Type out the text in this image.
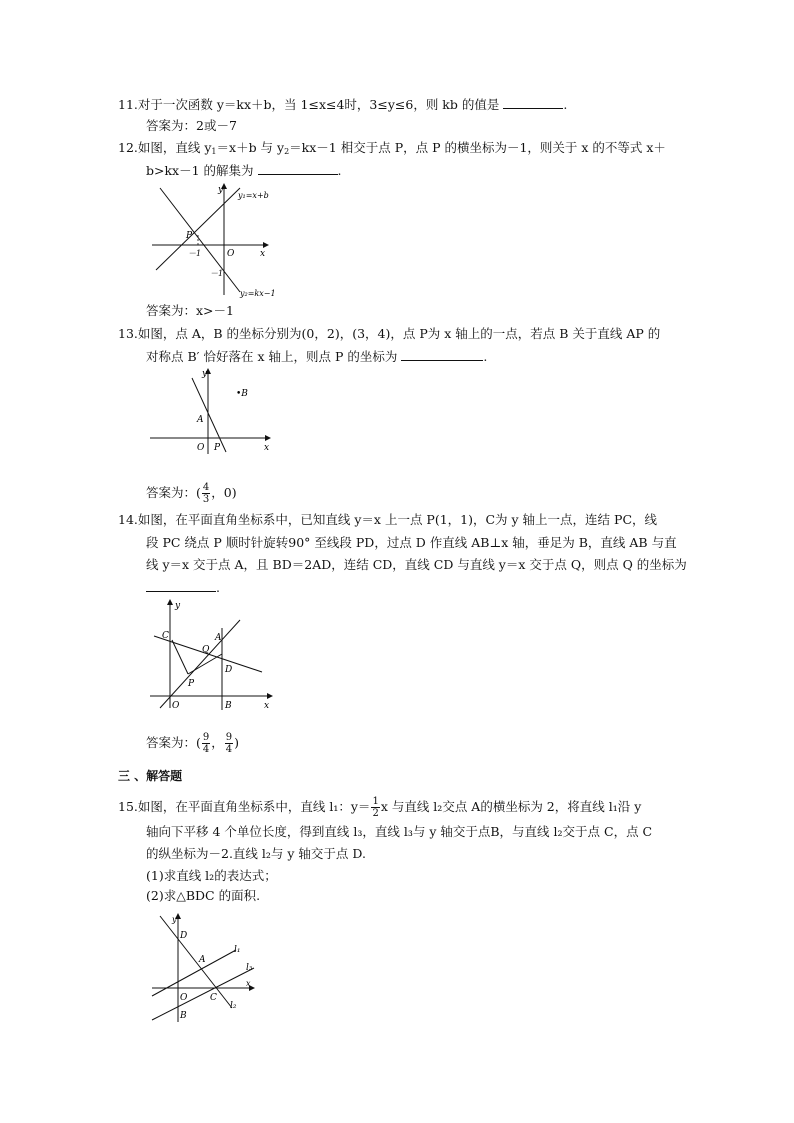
11.对于一次函数 y＝kx＋b，当 1≤x≤4时，3≤y≤6，则 kb 的值是	.
答案为：2或－7
12.如图，直线 $y_1=x+b$ 与 $y_2=kx-1$ 相交于点 P，点 P 的横坐标为－1，则关于 x 的不等式 x＋
b>kx－1 的解集为	.
y
x
O
P
－1
－1
y₁=x+b
y₂=kx−1
答案为：x>－1
13.如图，点 A，B 的坐标分别为(0，2)，(3，4)，点 P为 x 轴上的一点，若点 B 关于直线 AP 的
对称点 B′ 恰好落在 x 轴上，则点 P 的坐标为	.
y
x
O
A
•B
P
答案为：( $\frac{4}{3}$ ，0)
14.如图，在平面直角坐标系中，已知直线 y＝x 上一点 P(1，1)，C为 y 轴上一点，连结 PC，线
段 PC 绕点 P 顺时针旋转90° 至线段 PD，过点 D 作直线 AB⊥x 轴，垂足为 B，直线 AB 与直
线 y＝x 交于点 A，且 BD＝2AD，连结 CD，直线 CD 与直线 y＝x 交于点 Q，则点 Q 的坐标为
.
y
x
O
C
Q
A
D
P
B
答案为：( $\frac{9}{4}$ ， $\frac{9}{4}$ )
三 、解答题
15.如图，在平面直角坐标系中，直线 l₁：$y= \frac{1}{2}$ x 与直线 l₂交点 A的横坐标为 2，将直线 l₁沿 y
轴向下平移 4 个单位长度，得到直线 l₃，直线 l₃与 y 轴交于点B，与直线 l₂交于点 C，点 C
的纵坐标为－2.直线 l₂与 y 轴交于点 D.
(1)求直线 l₂的表达式；
(2)求△BDC 的面积.
y
x
O
D
A
C
B
l₁
l₃
l₂
